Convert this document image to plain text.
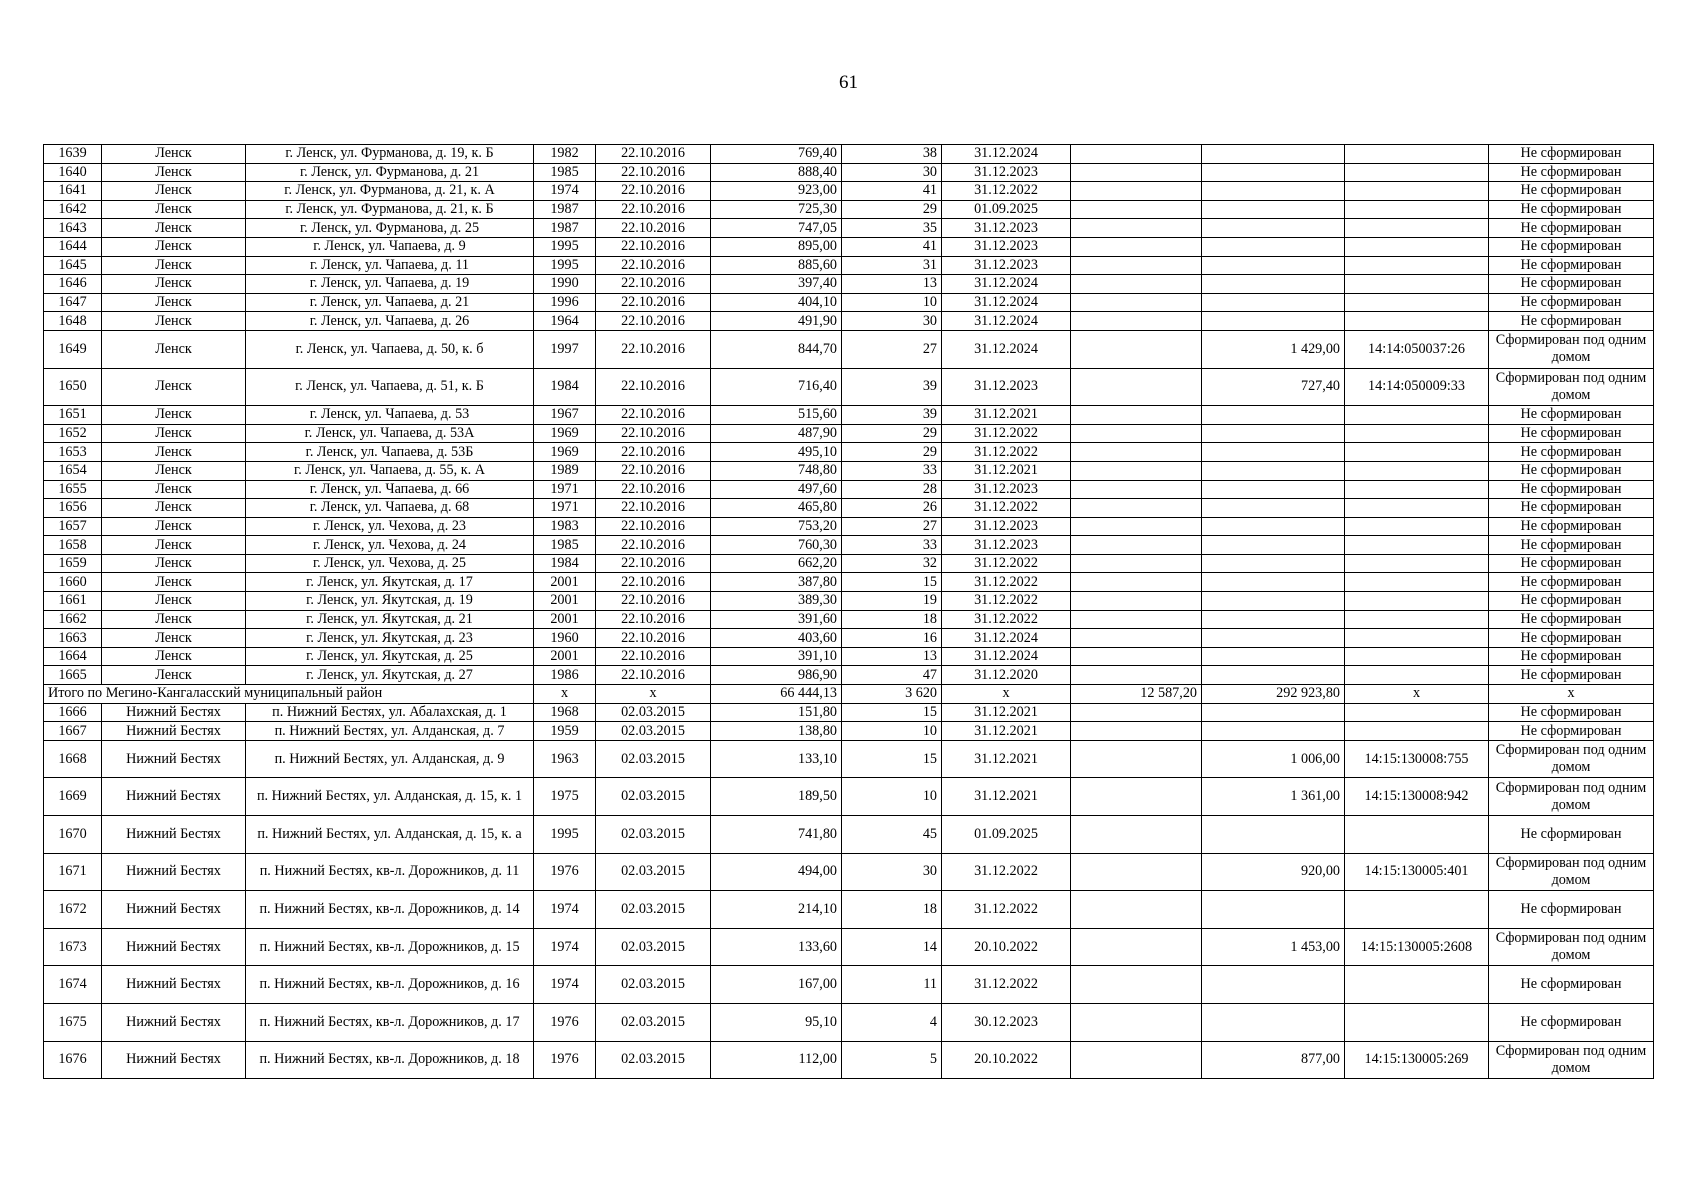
61
1639	Ленск	г. Ленск, ул. Фурманова, д. 19, к. Б	1982	22.10.2016	769,40	38	31.12.2024				Не сформирован
1640	Ленск	г. Ленск, ул. Фурманова, д. 21	1985	22.10.2016	888,40	30	31.12.2023				Не сформирован
1641	Ленск	г. Ленск, ул. Фурманова, д. 21, к. А	1974	22.10.2016	923,00	41	31.12.2022				Не сформирован
1642	Ленск	г. Ленск, ул. Фурманова, д. 21, к. Б	1987	22.10.2016	725,30	29	01.09.2025				Не сформирован
1643	Ленск	г. Ленск, ул. Фурманова, д. 25	1987	22.10.2016	747,05	35	31.12.2023				Не сформирован
1644	Ленск	г. Ленск, ул. Чапаева, д. 9	1995	22.10.2016	895,00	41	31.12.2023				Не сформирован
1645	Ленск	г. Ленск, ул. Чапаева, д. 11	1995	22.10.2016	885,60	31	31.12.2023				Не сформирован
1646	Ленск	г. Ленск, ул. Чапаева, д. 19	1990	22.10.2016	397,40	13	31.12.2024				Не сформирован
1647	Ленск	г. Ленск, ул. Чапаева, д. 21	1996	22.10.2016	404,10	10	31.12.2024				Не сформирован
1648	Ленск	г. Ленск, ул. Чапаева, д. 26	1964	22.10.2016	491,90	30	31.12.2024				Не сформирован
1649	Ленск	г. Ленск, ул. Чапаева, д. 50, к. б	1997	22.10.2016	844,70	27	31.12.2024		1 429,00	14:14:050037:26	Сформирован под одним домом
1650	Ленск	г. Ленск, ул. Чапаева, д. 51, к. Б	1984	22.10.2016	716,40	39	31.12.2023		727,40	14:14:050009:33	Сформирован под одним домом
1651	Ленск	г. Ленск, ул. Чапаева, д. 53	1967	22.10.2016	515,60	39	31.12.2021				Не сформирован
1652	Ленск	г. Ленск, ул. Чапаева, д. 53А	1969	22.10.2016	487,90	29	31.12.2022				Не сформирован
1653	Ленск	г. Ленск, ул. Чапаева, д. 53Б	1969	22.10.2016	495,10	29	31.12.2022				Не сформирован
1654	Ленск	г. Ленск, ул. Чапаева, д. 55, к. А	1989	22.10.2016	748,80	33	31.12.2021				Не сформирован
1655	Ленск	г. Ленск, ул. Чапаева, д. 66	1971	22.10.2016	497,60	28	31.12.2023				Не сформирован
1656	Ленск	г. Ленск, ул. Чапаева, д. 68	1971	22.10.2016	465,80	26	31.12.2022				Не сформирован
1657	Ленск	г. Ленск, ул. Чехова, д. 23	1983	22.10.2016	753,20	27	31.12.2023				Не сформирован
1658	Ленск	г. Ленск, ул. Чехова, д. 24	1985	22.10.2016	760,30	33	31.12.2023				Не сформирован
1659	Ленск	г. Ленск, ул. Чехова, д. 25	1984	22.10.2016	662,20	32	31.12.2022				Не сформирован
1660	Ленск	г. Ленск, ул. Якутская, д. 17	2001	22.10.2016	387,80	15	31.12.2022				Не сформирован
1661	Ленск	г. Ленск, ул. Якутская, д. 19	2001	22.10.2016	389,30	19	31.12.2022				Не сформирован
1662	Ленск	г. Ленск, ул. Якутская, д. 21	2001	22.10.2016	391,60	18	31.12.2022				Не сформирован
1663	Ленск	г. Ленск, ул. Якутская, д. 23	1960	22.10.2016	403,60	16	31.12.2024				Не сформирован
1664	Ленск	г. Ленск, ул. Якутская, д. 25	2001	22.10.2016	391,10	13	31.12.2024				Не сформирован
1665	Ленск	г. Ленск, ул. Якутская, д. 27	1986	22.10.2016	986,90	47	31.12.2020				Не сформирован
Итого по Мегино-Кангаласский муниципальный район			х	х	66 444,13	3 620	х	12 587,20	292 923,80	х	х
1666	Нижний Бестях	п. Нижний Бестях, ул. Абалахская, д. 1	1968	02.03.2015	151,80	15	31.12.2021				Не сформирован
1667	Нижний Бестях	п. Нижний Бестях, ул. Алданская, д. 7	1959	02.03.2015	138,80	10	31.12.2021				Не сформирован
1668	Нижний Бестях	п. Нижний Бестях, ул. Алданская, д. 9	1963	02.03.2015	133,10	15	31.12.2021		1 006,00	14:15:130008:755	Сформирован под одним домом
1669	Нижний Бестях	п. Нижний Бестях, ул. Алданская, д. 15, к. 1	1975	02.03.2015	189,50	10	31.12.2021		1 361,00	14:15:130008:942	Сформирован под одним домом
1670	Нижний Бестях	п. Нижний Бестях, ул. Алданская, д. 15, к. а	1995	02.03.2015	741,80	45	01.09.2025				Не сформирован
1671	Нижний Бестях	п. Нижний Бестях, кв-л. Дорожников, д. 11	1976	02.03.2015	494,00	30	31.12.2022		920,00	14:15:130005:401	Сформирован под одним домом
1672	Нижний Бестях	п. Нижний Бестях, кв-л. Дорожников, д. 14	1974	02.03.2015	214,10	18	31.12.2022				Не сформирован
1673	Нижний Бестях	п. Нижний Бестях, кв-л. Дорожников, д. 15	1974	02.03.2015	133,60	14	20.10.2022		1 453,00	14:15:130005:2608	Сформирован под одним домом
1674	Нижний Бестях	п. Нижний Бестях, кв-л. Дорожников, д. 16	1974	02.03.2015	167,00	11	31.12.2022				Не сформирован
1675	Нижний Бестях	п. Нижний Бестях, кв-л. Дорожников, д. 17	1976	02.03.2015	95,10	4	30.12.2023				Не сформирован
1676	Нижний Бестях	п. Нижний Бестях, кв-л. Дорожников, д. 18	1976	02.03.2015	112,00	5	20.10.2022		877,00	14:15:130005:269	Сформирован под одним домом
